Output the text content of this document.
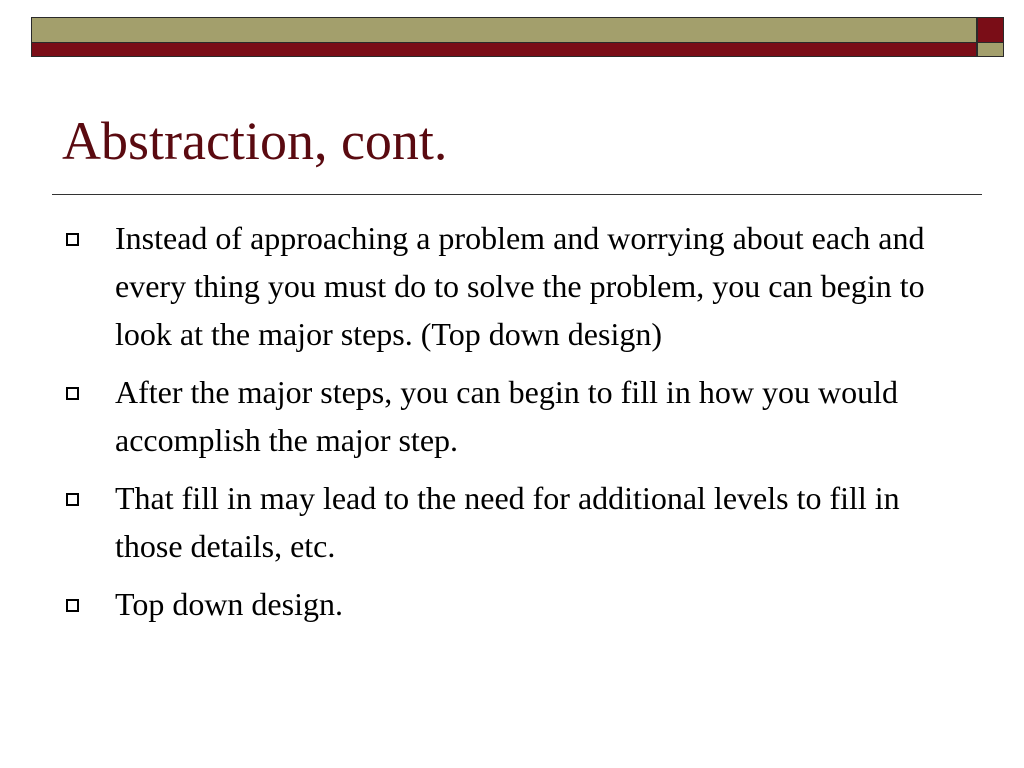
Abstraction, cont.
Instead of approaching a problem and worrying about each and every thing you must do to solve the problem, you can begin to look at the major steps. (Top down design)
After the major steps, you can begin to fill in how you would accomplish the major step.
That fill in may lead to the need for additional levels to fill in those details, etc.
Top down design.
